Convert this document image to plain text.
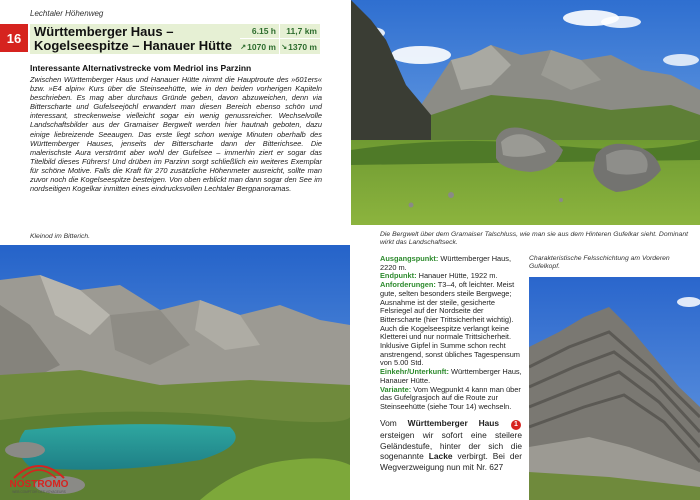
Lechtaler Höhenweg
16 Württemberger Haus – Kogelseespitze – Hanauer Hütte
6.15 h	11,7 km
↗ 1070 m ↘ 1370 m
Interessante Alternativstrecke vom Medriol ins Parzinn
Zwischen Württemberger Haus und Hanauer Hütte nimmt die Hauptroute des »601ers« bzw. »E4 alpin« Kurs über die Steinseehütte, wie in den beiden vorherigen Kapiteln beschrieben. Es mag aber durchaus Gründe geben, davon abzuweichen, denn via Bitterscharte und Gufelseejöchl erwandert man diesen Bereich ebenso schön und interessant, streckenweise vielleicht sogar ein wenig genussreicher. Wechselvolle Landschaftsbilder aus der Gramaiser Bergwelt werden hier hautnah geboten, dazu einige liebreizende Seeaugen. Das erste liegt schon wenige Minuten oberhalb des Württemberger Hauses, jenseits der Bitterscharte dann der Bitterichsee. Die malerischste Aura verströmt aber wohl der Gufelsee – immerhin ziert er sogar das Titelbild dieses Führers! Und drüben im Parzinn sorgt schließlich ein weiteres Exemplar für schöne Motive. Falls die Kraft für 270 zusätzliche Höhenmeter ausreicht, sollte man zuvor noch die Kogelseespitze besteigen. Von oben erblickt man dann sogar den See im nordseitigen Kogelkar inmitten eines eindrucksvollen Lechtaler Bergpanoramas.
Kleinod im Bitterich.	Die Bergwelt über dem Gramaiser Talschluss, wie man sie aus dem Hinteren Gufelkar sieht. Dominant wirkt das Landschaftseck.
Charakteristische Felsschichtung am Vorderen Gufelkopf.

Ausgangspunkt: Württemberger Haus, 2220 m.

Endpunkt: Hanauer Hütte, 1922 m.

Anforderungen: T3–4, oft leichter. Meist gute, selten besonders steile Bergwege; Ausnahme ist der steile, gesicherte Felsriegel auf der Nordseite der Bitterscharte (hier Trittsicherheit wichtig). Auch die Kogelseespitze verlangt keine Kletterei und nur normale Trittsicherheit. Inklusive Gipfel in Summe schon recht anstrengend, sonst übliches Tagespensum von 5.00 Std.

Einkehr/Unterkunft: Württemberger Haus, Hanauer Hütte.

Variante: Vom Wegpunkt 4 kann man über das Gufelgrasjoch auf die Route zur Steinseehütte (siehe Tour 14) wechseln.

Vom Württemberger Haus 1 ersteigen wir sofort eine steilere Geländestufe, hinter der sich die sogenannte Lacke verbirgt. Bei der Wegverzweigung nun mit Nr. 627
NOSTROMO
WEB COMPTOIR DES VOYAGEURS
